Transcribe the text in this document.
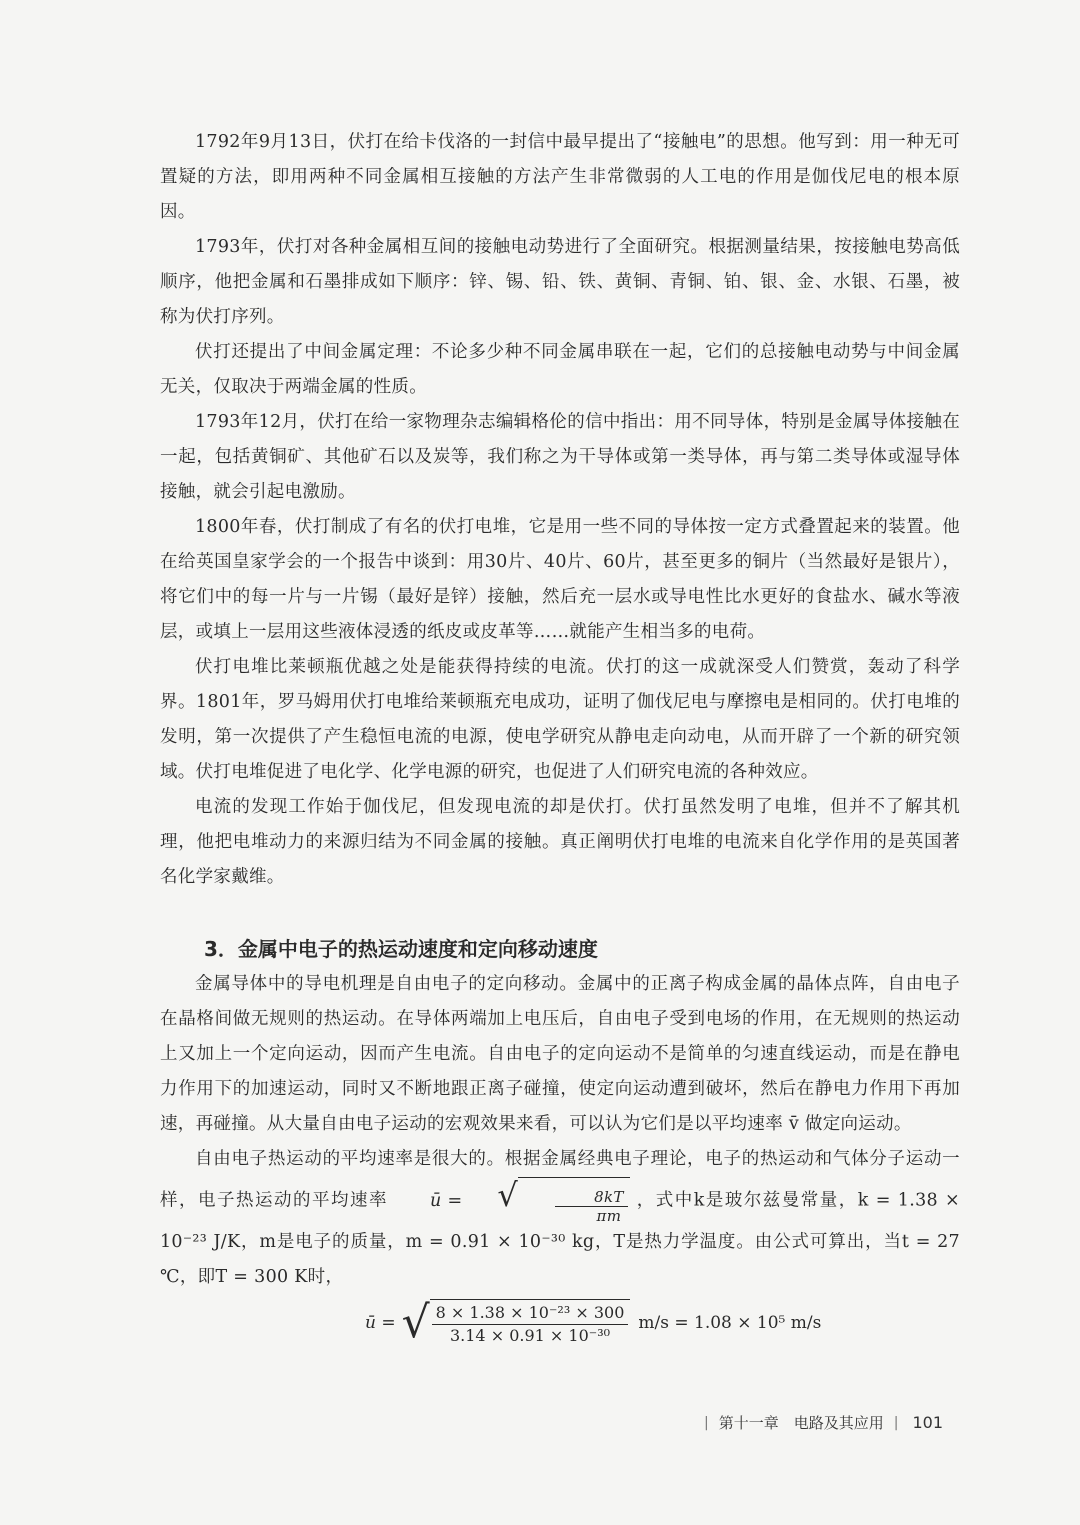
1792年9月13日，伏打在给卡伐洛的一封信中最早提出了“接触电”的思想。他写到：用一种无可置疑的方法，即用两种不同金属相互接触的方法产生非常微弱的人工电的作用是伽伐尼电的根本原因。

1793年，伏打对各种金属相互间的接触电动势进行了全面研究。根据测量结果，按接触电势高低顺序，他把金属和石墨排成如下顺序：锌、锡、铅、铁、黄铜、青铜、铂、银、金、水银、石墨，被称为伏打序列。

伏打还提出了中间金属定理：不论多少种不同金属串联在一起，它们的总接触电动势与中间金属无关，仅取决于两端金属的性质。

1793年12月，伏打在给一家物理杂志编辑格伦的信中指出：用不同导体，特别是金属导体接触在一起，包括黄铜矿、其他矿石以及炭等，我们称之为干导体或第一类导体，再与第二类导体或湿导体接触，就会引起电激励。

1800年春，伏打制成了有名的伏打电堆，它是用一些不同的导体按一定方式叠置起来的装置。他在给英国皇家学会的一个报告中谈到：用30片、40片、60片，甚至更多的铜片（当然最好是银片），将它们中的每一片与一片锡（最好是锌）接触，然后充一层水或导电性比水更好的食盐水、碱水等液层，或填上一层用这些液体浸透的纸皮或皮革等……就能产生相当多的电荷。

伏打电堆比莱顿瓶优越之处是能获得持续的电流。伏打的这一成就深受人们赞赏，轰动了科学界。1801年，罗马姆用伏打电堆给莱顿瓶充电成功，证明了伽伐尼电与摩擦电是相同的。伏打电堆的发明，第一次提供了产生稳恒电流的电源，使电学研究从静电走向动电，从而开辟了一个新的研究领域。伏打电堆促进了电化学、化学电源的研究，也促进了人们研究电流的各种效应。

电流的发现工作始于伽伐尼，但发现电流的却是伏打。伏打虽然发明了电堆，但并不了解其机理，他把电堆动力的来源归结为不同金属的接触。真正阐明伏打电堆的电流来自化学作用的是英国著名化学家戴维。

3．金属中电子的热运动速度和定向移动速度

金属导体中的导电机理是自由电子的定向移动。金属中的正离子构成金属的晶体点阵，自由电子在晶格间做无规则的热运动。在导体两端加上电压后，自由电子受到电场的作用，在无规则的热运动上又加上一个定向运动，因而产生电流。自由电子的定向运动不是简单的匀速直线运动，而是在静电力作用下的加速运动，同时又不断地跟正离子碰撞，使定向运动遭到破坏，然后在静电力作用下再加速，再碰撞。从大量自由电子运动的宏观效果来看，可以认为它们是以平均速率 v̄ 做定向运动。

自由电子热运动的平均速率是很大的。根据金属经典电子理论，电子的热运动和气体分子运动一样，电子热运动的平均速率	ū =	√ $\frac{8kT}{\pi m}$ ，式中k是玻尔兹曼常量，k = 1.38 × 10⁻²³ J/K，m是电子的质量，m = 0.91 × 10⁻³⁰ kg，T是热力学温度。由公式可算出，当t = 27 ℃，即T = 300 K时，

ū = √ $\frac{\text{8 × 1.38 × 10⁻²³ × 300}}{\text{3.14 × 0.91 × 10⁻³⁰}} m/s = 1.08 \times 10^5$ m/s
| 第十一章　电路及其应用 | 101
